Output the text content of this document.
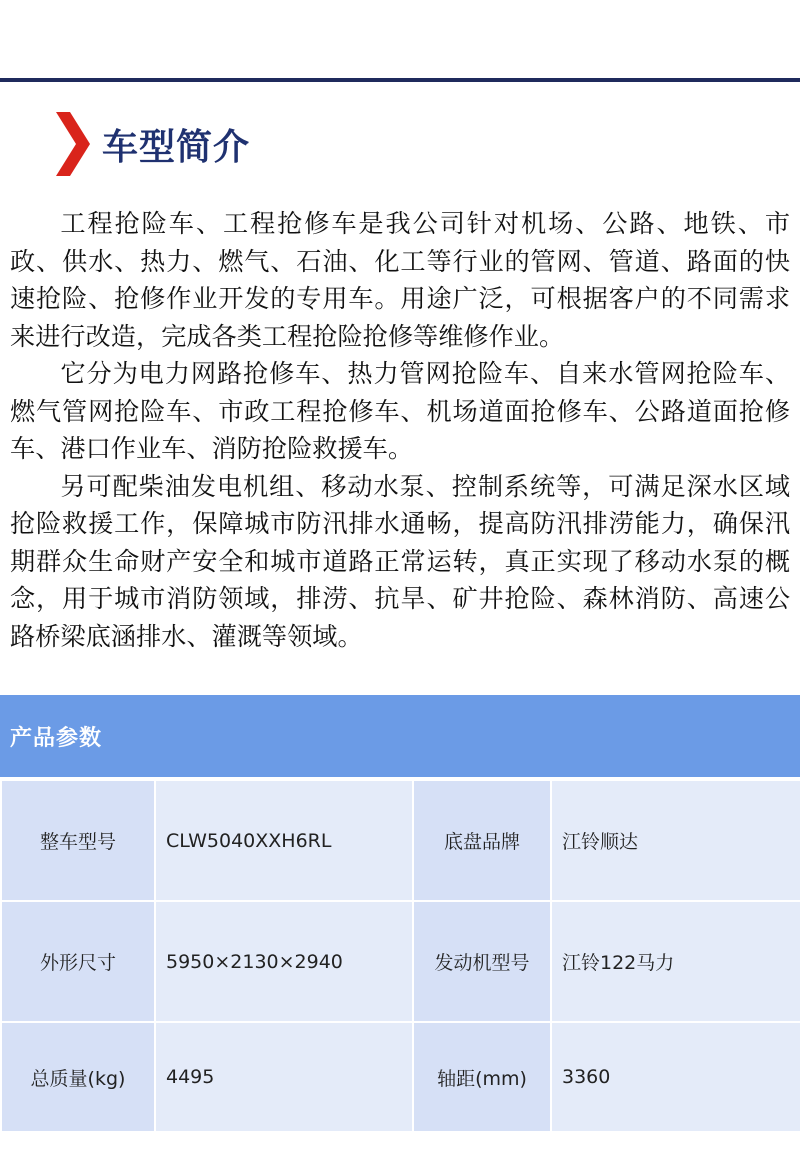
车型简介

工程抢险车、工程抢修车是我公司针对机场、公路、地铁、市政、供水、热力、燃气、石油、化工等行业的管网、管道、路面的快速抢险、抢修作业开发的专用车。用途广泛，可根据客户的不同需求来进行改造，完成各类工程抢险抢修等维修作业。

它分为电力网路抢修车、热力管网抢险车、自来水管网抢险车、燃气管网抢险车、市政工程抢修车、机场道面抢修车、公路道面抢修车、港口作业车、消防抢险救援车。

另可配柴油发电机组、移动水泵、控制系统等，可满足深水区域抢险救援工作，保障城市防汛排水通畅，提高防汛排涝能力，确保汛期群众生命财产安全和城市道路正常运转，真正实现了移动水泵的概念，用于城市消防领域，排涝、抗旱、矿井抢险、森林消防、高速公路桥梁底涵排水、灌溉等领域。

产品参数
整车型号	CLW5040XXH6RL	底盘品牌	江铃顺达
外形尺寸	5950×2130×2940	发动机型号	江铃122马力
总质量(kg)	4495	轴距(mm)	3360
